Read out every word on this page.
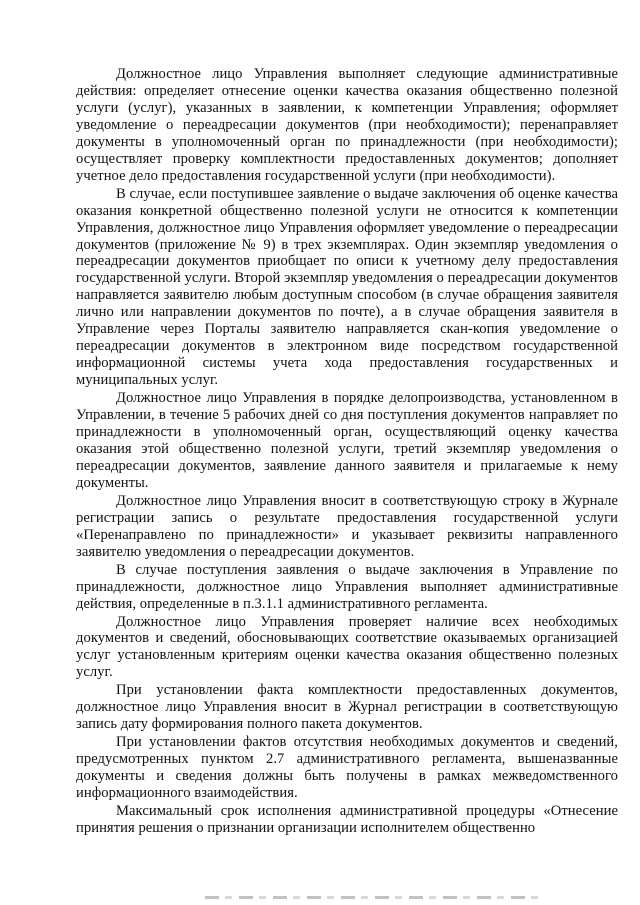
Должностное лицо Управления выполняет следующие административные действия: определяет отнесение оценки качества оказания общественно полезной услуги (услуг), указанных в заявлении, к компетенции Управления; оформляет уведомление о переадресации документов (при необходимости); перенаправляет документы в уполномоченный орган по принадлежности (при необходимости); осуществляет проверку комплектности предоставленных документов; дополняет учетное дело предоставления государственной услуги (при необходимости).

В случае, если поступившее заявление о выдаче заключения об оценке качества оказания конкретной общественно полезной услуги не относится к компетенции Управления, должностное лицо Управления оформляет уведомление о переадресации документов (приложение № 9) в трех экземплярах. Один экземпляр уведомления о переадресации документов приобщает по описи к учетному делу предоставления государственной услуги. Второй экземпляр уведомления о переадресации документов направляется заявителю любым доступным способом (в случае обращения заявителя лично или направлении документов по почте), а в случае обращения заявителя в Управление через Порталы заявителю направляется скан-копия уведомление о переадресации документов в электронном виде посредством государственной информационной системы учета хода предоставления государственных и муниципальных услуг.

Должностное лицо Управления в порядке делопроизводства, установленном в Управлении, в течение 5 рабочих дней со дня поступления документов направляет по принадлежности в уполномоченный орган, осуществляющий оценку качества оказания этой общественно полезной услуги, третий экземпляр уведомления о переадресации документов, заявление данного заявителя и прилагаемые к нему документы.

Должностное лицо Управления вносит в соответствующую строку в Журнале регистрации запись о результате предоставления государственной услуги «Перенаправлено по принадлежности» и указывает реквизиты направленного заявителю уведомления о переадресации документов.

В случае поступления заявления о выдаче заключения в Управление по принадлежности, должностное лицо Управления выполняет административные действия, определенные в п.3.1.1 административного регламента.

Должностное лицо Управления проверяет наличие всех необходимых документов и сведений, обосновывающих соответствие оказываемых организацией услуг установленным критериям оценки качества оказания общественно полезных услуг.

При установлении факта комплектности предоставленных документов, должностное лицо Управления вносит в Журнал регистрации в соответствующую запись дату формирования полного пакета документов.

При установлении фактов отсутствия необходимых документов и сведений, предусмотренных пунктом 2.7 административного регламента, вышеназванные документы и сведения должны быть получены в рамках межведомственного информационного взаимодействия.

Максимальный срок исполнения административной процедуры «Отнесение принятия решения о признании организации исполнителем общественно
